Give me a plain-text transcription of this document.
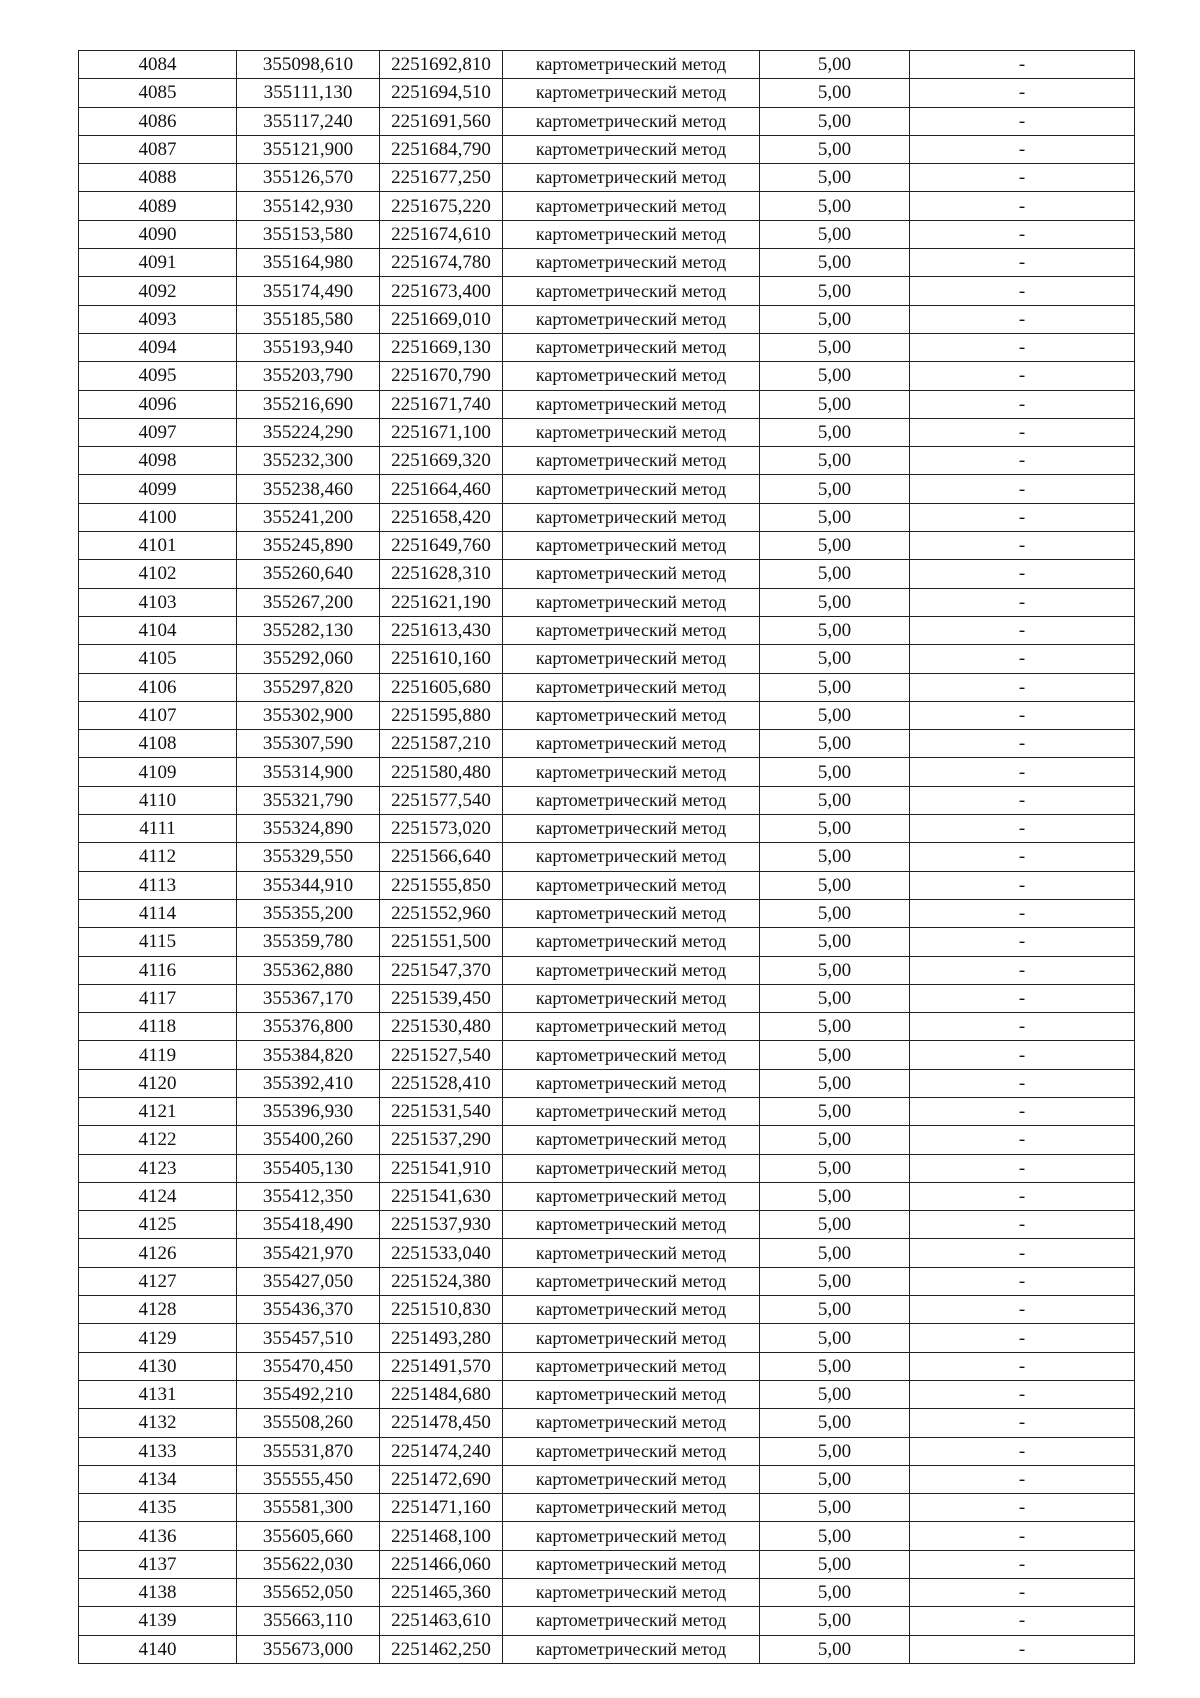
4084	355098,610	2251692,810	картометрический метод	5,00	-
4085	355111,130	2251694,510	картометрический метод	5,00	-
4086	355117,240	2251691,560	картометрический метод	5,00	-
4087	355121,900	2251684,790	картометрический метод	5,00	-
4088	355126,570	2251677,250	картометрический метод	5,00	-
4089	355142,930	2251675,220	картометрический метод	5,00	-
4090	355153,580	2251674,610	картометрический метод	5,00	-
4091	355164,980	2251674,780	картометрический метод	5,00	-
4092	355174,490	2251673,400	картометрический метод	5,00	-
4093	355185,580	2251669,010	картометрический метод	5,00	-
4094	355193,940	2251669,130	картометрический метод	5,00	-
4095	355203,790	2251670,790	картометрический метод	5,00	-
4096	355216,690	2251671,740	картометрический метод	5,00	-
4097	355224,290	2251671,100	картометрический метод	5,00	-
4098	355232,300	2251669,320	картометрический метод	5,00	-
4099	355238,460	2251664,460	картометрический метод	5,00	-
4100	355241,200	2251658,420	картометрический метод	5,00	-
4101	355245,890	2251649,760	картометрический метод	5,00	-
4102	355260,640	2251628,310	картометрический метод	5,00	-
4103	355267,200	2251621,190	картометрический метод	5,00	-
4104	355282,130	2251613,430	картометрический метод	5,00	-
4105	355292,060	2251610,160	картометрический метод	5,00	-
4106	355297,820	2251605,680	картометрический метод	5,00	-
4107	355302,900	2251595,880	картометрический метод	5,00	-
4108	355307,590	2251587,210	картометрический метод	5,00	-
4109	355314,900	2251580,480	картометрический метод	5,00	-
4110	355321,790	2251577,540	картометрический метод	5,00	-
4111	355324,890	2251573,020	картометрический метод	5,00	-
4112	355329,550	2251566,640	картометрический метод	5,00	-
4113	355344,910	2251555,850	картометрический метод	5,00	-
4114	355355,200	2251552,960	картометрический метод	5,00	-
4115	355359,780	2251551,500	картометрический метод	5,00	-
4116	355362,880	2251547,370	картометрический метод	5,00	-
4117	355367,170	2251539,450	картометрический метод	5,00	-
4118	355376,800	2251530,480	картометрический метод	5,00	-
4119	355384,820	2251527,540	картометрический метод	5,00	-
4120	355392,410	2251528,410	картометрический метод	5,00	-
4121	355396,930	2251531,540	картометрический метод	5,00	-
4122	355400,260	2251537,290	картометрический метод	5,00	-
4123	355405,130	2251541,910	картометрический метод	5,00	-
4124	355412,350	2251541,630	картометрический метод	5,00	-
4125	355418,490	2251537,930	картометрический метод	5,00	-
4126	355421,970	2251533,040	картометрический метод	5,00	-
4127	355427,050	2251524,380	картометрический метод	5,00	-
4128	355436,370	2251510,830	картометрический метод	5,00	-
4129	355457,510	2251493,280	картометрический метод	5,00	-
4130	355470,450	2251491,570	картометрический метод	5,00	-
4131	355492,210	2251484,680	картометрический метод	5,00	-
4132	355508,260	2251478,450	картометрический метод	5,00	-
4133	355531,870	2251474,240	картометрический метод	5,00	-
4134	355555,450	2251472,690	картометрический метод	5,00	-
4135	355581,300	2251471,160	картометрический метод	5,00	-
4136	355605,660	2251468,100	картометрический метод	5,00	-
4137	355622,030	2251466,060	картометрический метод	5,00	-
4138	355652,050	2251465,360	картометрический метод	5,00	-
4139	355663,110	2251463,610	картометрический метод	5,00	-
4140	355673,000	2251462,250	картометрический метод	5,00	-
